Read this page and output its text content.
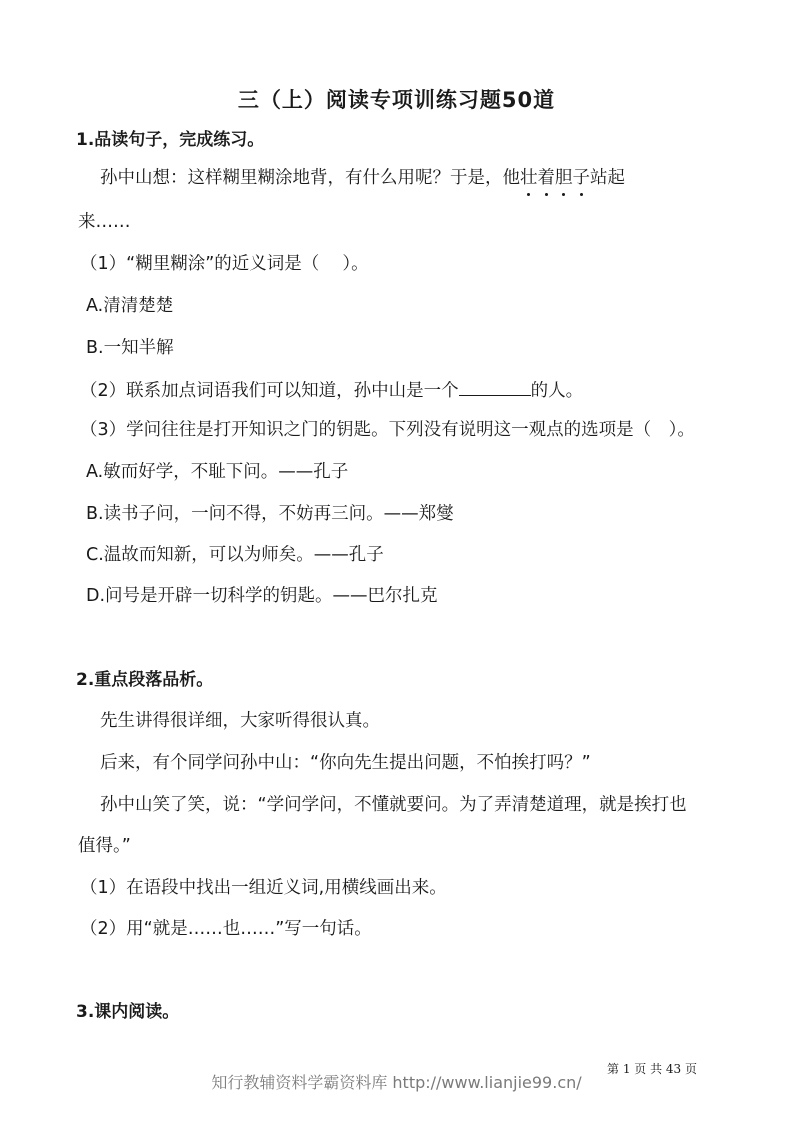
三（上）阅读专项训练习题50道
1.品读句子，完成练习。
孙中山想：这样糊里糊涂地背，有什么用呢？于是，他壮着胆子站起
来……
（1）“糊里糊涂”的近义词是（　 ）。
A.清清楚楚
B.一知半解
（2）联系加点词语我们可以知道，孙中山是一个	的人。
（3）学问往往是打开知识之门的钥匙。下列没有说明这一观点的选项是（　）。
A.敏而好学，不耻下问。——孔子
B.读书子问，一问不得，不妨再三问。——郑燮
C.温故而知新，可以为师矣。——孔子
D.问号是开辟一切科学的钥匙。——巴尔扎克
2.重点段落品析。
先生讲得很详细，大家听得很认真。
后来，有个同学问孙中山：“你向先生提出问题，不怕挨打吗？”
孙中山笑了笑，说：“学问学问，不懂就要问。为了弄清楚道理，就是挨打也
值得。”
（1）在语段中找出一组近义词,用横线画出来。
（2）用“就是……也……”写一句话。
3.课内阅读。
第 1 页 共 43 页
知行教辅资料学霸资料库 http://www.lianjie99.cn/
